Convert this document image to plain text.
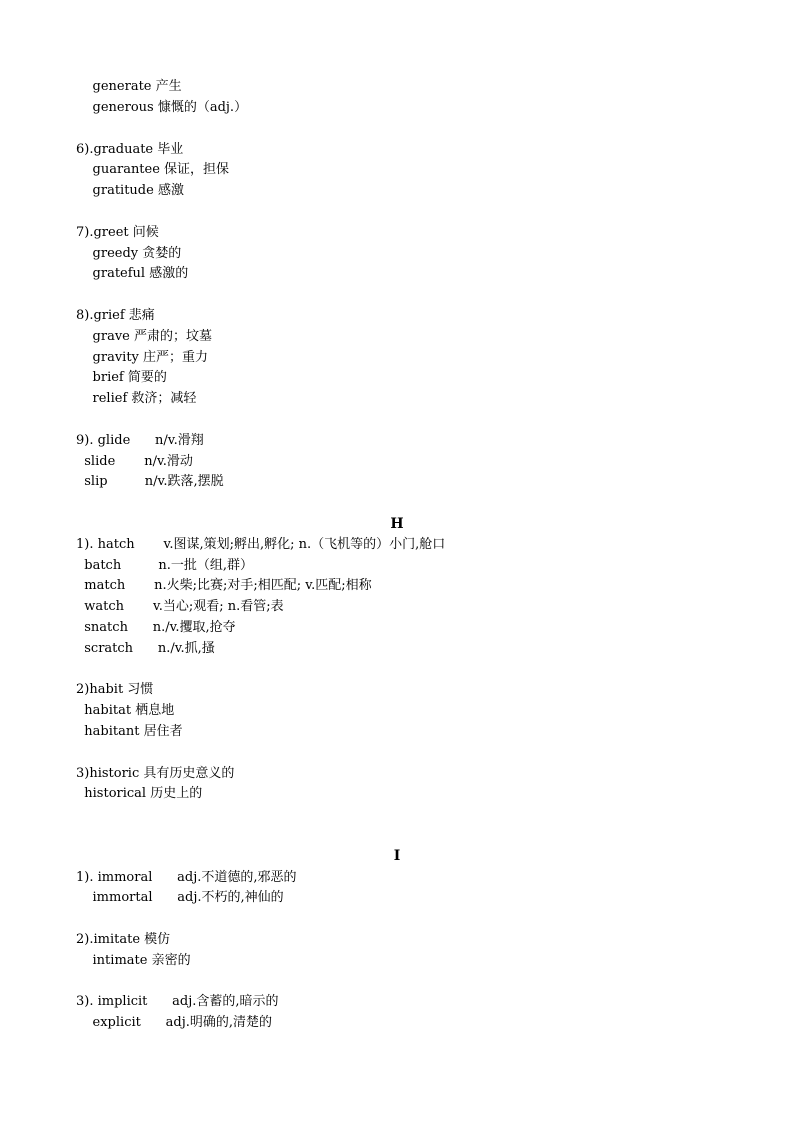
generate 产生
generous 慷慨的（adj.）
6).graduate 毕业
guarantee 保证，担保
gratitude 感激
7).greet 问候
greedy 贪婪的
grateful 感激的
8).grief 悲痛
grave 严肃的；坟墓
gravity 庄严；重力
brief 简要的
relief 救济；减轻
9). glide      n/v.滑翔
slide       n/v.滑动
slip         n/v.跌落,摆脱
H
1). hatch       v.图谋,策划;孵出,孵化; n.（飞机等的）小门,舱口
batch         n.一批（组,群）
match       n.火柴;比赛;对手;相匹配; v.匹配;相称
watch       v.当心;观看; n.看管;表
snatch      n./v.攫取,抢夺
scratch      n./v.抓,搔
2)habit 习惯
habitat 栖息地
habitant 居住者
3)historic 具有历史意义的
historical 历史上的
I
1). immoral      adj.不道德的,邪恶的
immortal      adj.不朽的,神仙的
2).imitate 模仿
intimate 亲密的
3). implicit      adj.含蓄的,暗示的
explicit      adj.明确的,清楚的
